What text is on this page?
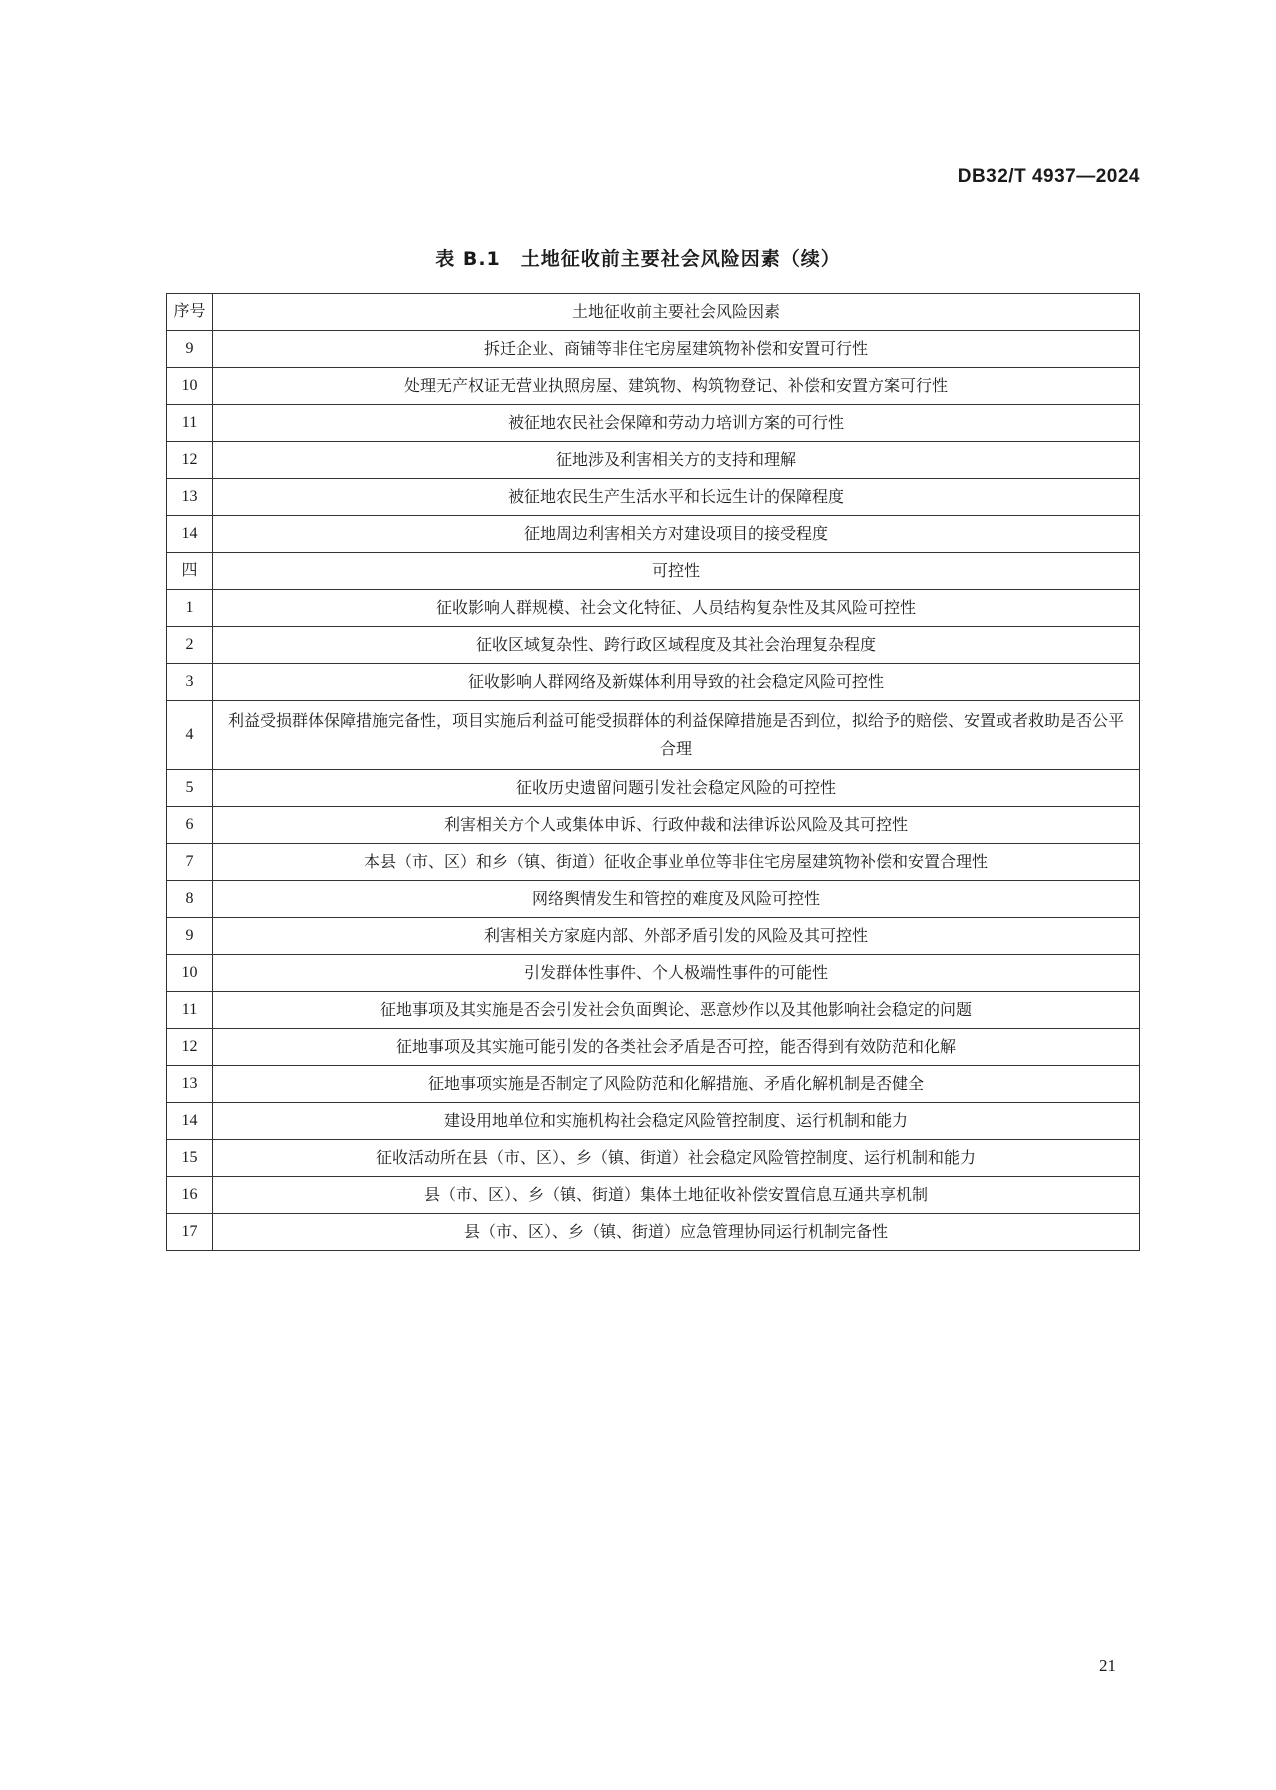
DB32/T 4937—2024
表 B.1　土地征收前主要社会风险因素（续）
序号	土地征收前主要社会风险因素
9	拆迁企业、商铺等非住宅房屋建筑物补偿和安置可行性
10	处理无产权证无营业执照房屋、建筑物、构筑物登记、补偿和安置方案可行性
11	被征地农民社会保障和劳动力培训方案的可行性
12	征地涉及利害相关方的支持和理解
13	被征地农民生产生活水平和长远生计的保障程度
14	征地周边利害相关方对建设项目的接受程度
四	可控性
1	征收影响人群规模、社会文化特征、人员结构复杂性及其风险可控性
2	征收区域复杂性、跨行政区域程度及其社会治理复杂程度
3	征收影响人群网络及新媒体利用导致的社会稳定风险可控性
4	利益受损群体保障措施完备性，项目实施后利益可能受损群体的利益保障措施是否到位，拟给予的赔偿、安置或者救助是否公平合理
5	征收历史遗留问题引发社会稳定风险的可控性
6	利害相关方个人或集体申诉、行政仲裁和法律诉讼风险及其可控性
7	本县（市、区）和乡（镇、街道）征收企事业单位等非住宅房屋建筑物补偿和安置合理性
8	网络舆情发生和管控的难度及风险可控性
9	利害相关方家庭内部、外部矛盾引发的风险及其可控性
10	引发群体性事件、个人极端性事件的可能性
11	征地事项及其实施是否会引发社会负面舆论、恶意炒作以及其他影响社会稳定的问题
12	征地事项及其实施可能引发的各类社会矛盾是否可控，能否得到有效防范和化解
13	征地事项实施是否制定了风险防范和化解措施、矛盾化解机制是否健全
14	建设用地单位和实施机构社会稳定风险管控制度、运行机制和能力
15	征收活动所在县（市、区）、乡（镇、街道）社会稳定风险管控制度、运行机制和能力
16	县（市、区）、乡（镇、街道）集体土地征收补偿安置信息互通共享机制
17	县（市、区）、乡（镇、街道）应急管理协同运行机制完备性
21
